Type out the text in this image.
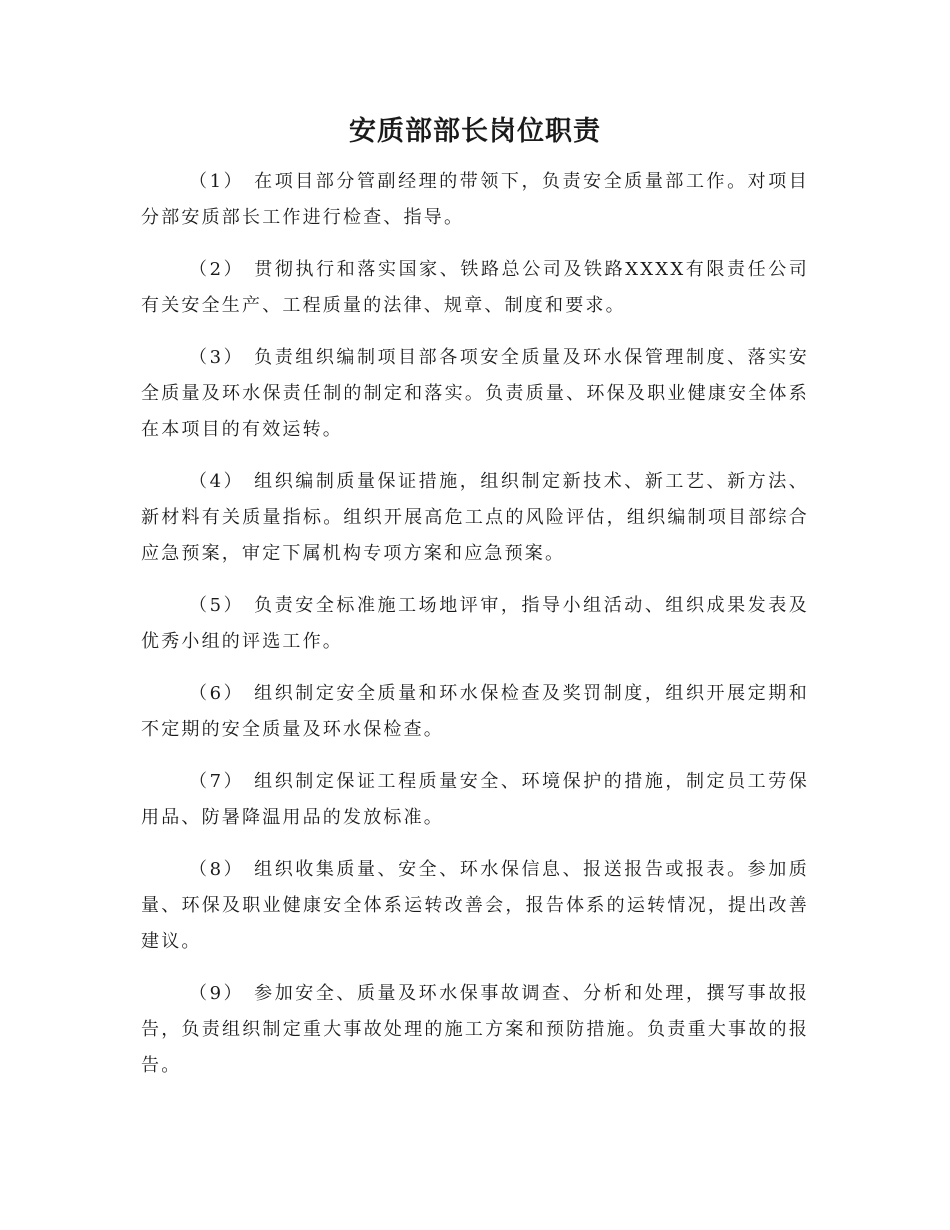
安质部部长岗位职责

（1） 在项目部分管副经理的带领下，负责安全质量部工作。对项目分部安质部长工作进行检查、指导。

（2） 贯彻执行和落实国家、铁路总公司及铁路XXXX有限责任公司有关安全生产、工程质量的法律、规章、制度和要求。

（3） 负责组织编制项目部各项安全质量及环水保管理制度、落实安全质量及环水保责任制的制定和落实。负责质量、环保及职业健康安全体系在本项目的有效运转。

（4） 组织编制质量保证措施，组织制定新技术、新工艺、新方法、新材料有关质量指标。组织开展高危工点的风险评估，组织编制项目部综合应急预案，审定下属机构专项方案和应急预案。

（5） 负责安全标准施工场地评审，指导小组活动、组织成果发表及优秀小组的评选工作。

（6） 组织制定安全质量和环水保检查及奖罚制度，组织开展定期和不定期的安全质量及环水保检查。

（7） 组织制定保证工程质量安全、环境保护的措施，制定员工劳保用品、防暑降温用品的发放标准。

（8） 组织收集质量、安全、环水保信息、报送报告或报表。参加质量、环保及职业健康安全体系运转改善会，报告体系的运转情况，提出改善建议。

（9） 参加安全、质量及环水保事故调查、分析和处理，撰写事故报告，负责组织制定重大事故处理的施工方案和预防措施。负责重大事故的报告。
